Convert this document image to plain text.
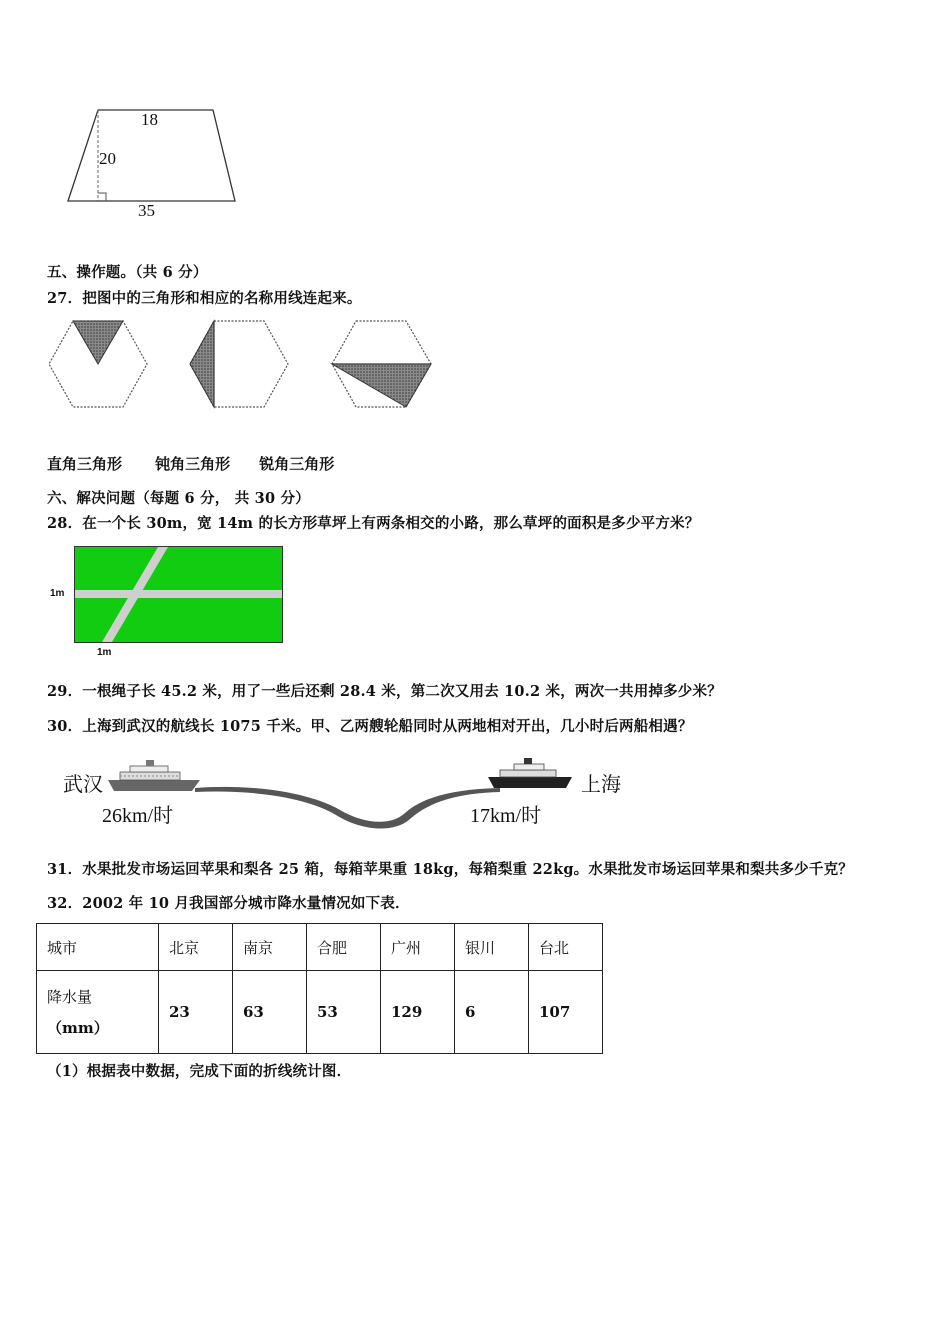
18
20
35
五、操作题。（共 6 分）
27．把图中的三角形和相应的名称用线连起来。
直角三角形 钝角三角形 锐角三角形
六、解决问题（每题 6 分， 共 30 分）
28．在一个长 30m，宽 14m 的长方形草坪上有两条相交的小路，那么草坪的面积是多少平方米？
1m
1m
29．一根绳子长 45.2 米，用了一些后还剩 28.4 米，第二次又用去 10.2 米，两次一共用掉多少米？
30．上海到武汉的航线长 1075 千米。甲、乙两艘轮船同时从两地相对开出，几小时后两船相遇？
武汉
26km/时
上海
17km/时
31．水果批发市场运回苹果和梨各 25 箱，每箱苹果重 18kg，每箱梨重 22kg。水果批发市场运回苹果和梨共多少千克？
32．2002 年 10 月我国部分城市降水量情况如下表．
城市	北京	南京	合肥	广州	银川	台北

降水量
（mm）	23	63	53	129	6	107
（1）根据表中数据，完成下面的折线统计图．
